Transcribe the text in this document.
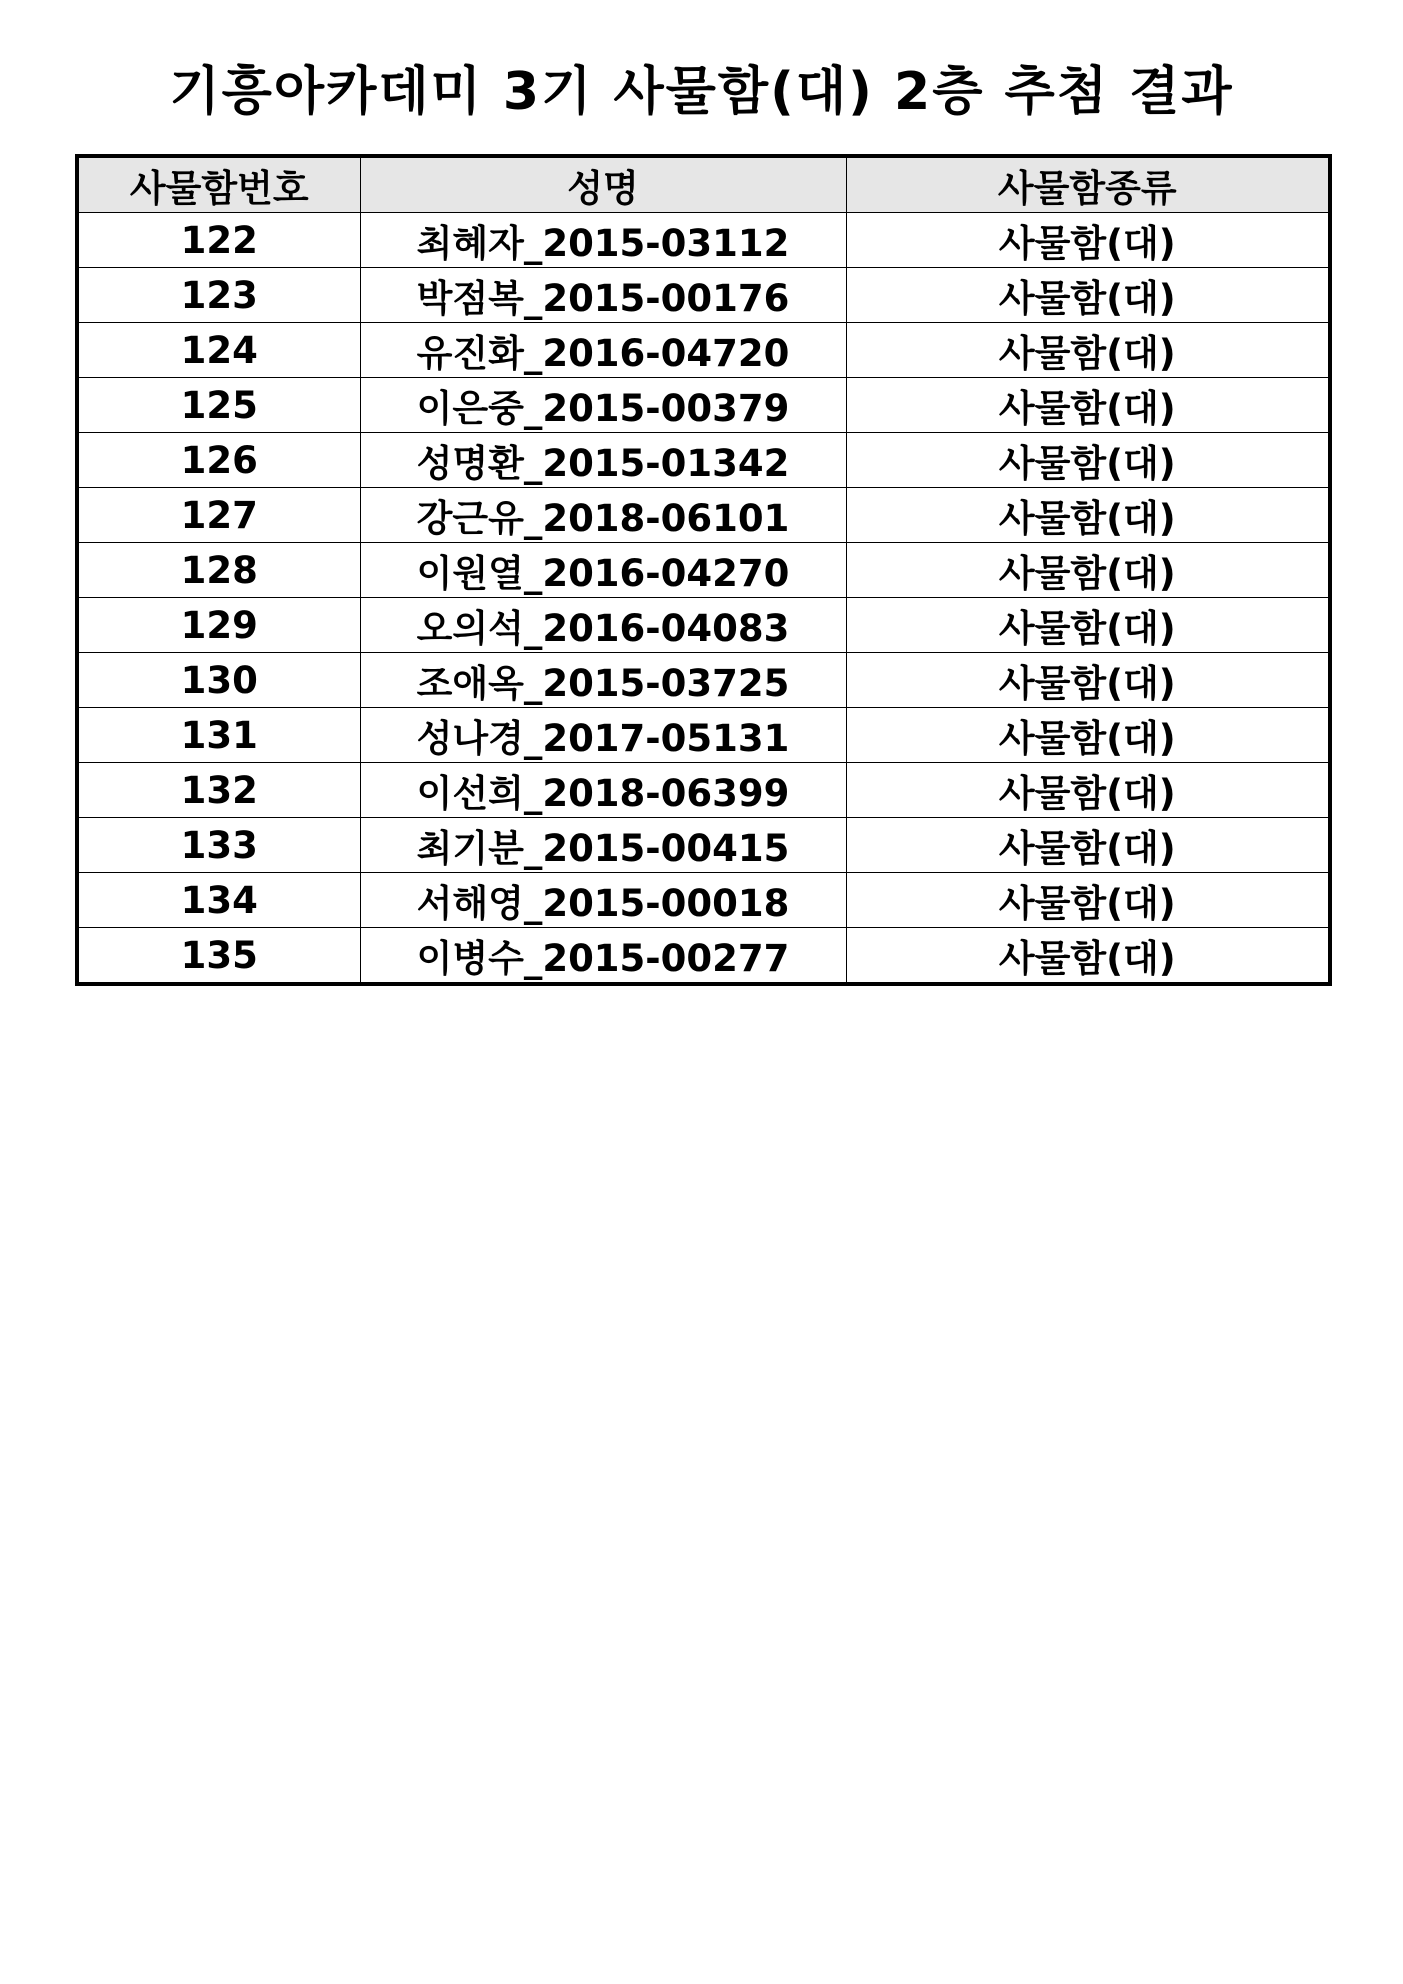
기흥아카데미 3기 사물함(대) 2층 추첨 결과
사물함번호	성명	사물함종류
122	최혜자_2015-03112	사물함(대)
123	박점복_2015-00176	사물함(대)
124	유진화_2016-04720	사물함(대)
125	이은중_2015-00379	사물함(대)
126	성명환_2015-01342	사물함(대)
127	강근유_2018-06101	사물함(대)
128	이원열_2016-04270	사물함(대)
129	오의석_2016-04083	사물함(대)
130	조애옥_2015-03725	사물함(대)
131	성나경_2017-05131	사물함(대)
132	이선희_2018-06399	사물함(대)
133	최기분_2015-00415	사물함(대)
134	서해영_2015-00018	사물함(대)
135	이병수_2015-00277	사물함(대)
